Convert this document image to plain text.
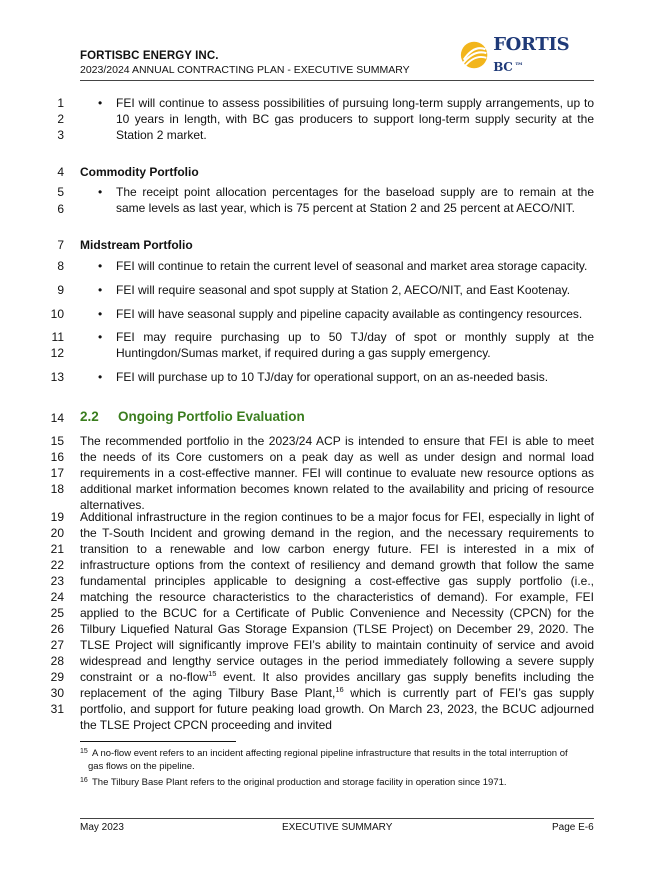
FORTISBC ENERGY INC.
2023/2024 ANNUAL CONTRACTING PLAN - EXECUTIVE SUMMARY
FORTIS BC ™
1
2
3
4
5
6
7
8
9
10
11
12
13
14
15
16
17
18
19
20
21
22
23
24
25
26
27
28
29
30
31
• FEI will continue to assess possibilities of pursuing long-term supply arrangements, up to 10 years in length, with BC gas producers to support long-term supply security at the Station 2 market.
Commodity Portfolio
• The receipt point allocation percentages for the baseload supply are to remain at the same levels as last year, which is 75 percent at Station 2 and 25 percent at AECO/NIT.
Midstream Portfolio
• FEI will continue to retain the current level of seasonal and market area storage capacity.
• FEI will require seasonal and spot supply at Station 2, AECO/NIT, and East Kootenay.
• FEI will have seasonal supply and pipeline capacity available as contingency resources.
• FEI may require purchasing up to 50 TJ/day of spot or monthly supply at the Huntingdon/Sumas market, if required during a gas supply emergency.
• FEI will purchase up to 10 TJ/day for operational support, on an as-needed basis.
2.2 Ongoing Portfolio Evaluation
The recommended portfolio in the 2023/24 ACP is intended to ensure that FEI is able to meet the needs of its Core customers on a peak day as well as under design and normal load requirements in a cost-effective manner. FEI will continue to evaluate new resource options as additional market information becomes known related to the availability and pricing of resource alternatives.
Additional infrastructure in the region continues to be a major focus for FEI, especially in light of the T-South Incident and growing demand in the region, and the necessary requirements to transition to a renewable and low carbon energy future. FEI is interested in a mix of infrastructure options from the context of resiliency and demand growth that follow the same fundamental principles applicable to designing a cost-effective gas supply portfolio (i.e., matching the resource characteristics to the characteristics of demand). For example, FEI applied to the BCUC for a Certificate of Public Convenience and Necessity (CPCN) for the Tilbury Liquefied Natural Gas Storage Expansion (TLSE Project) on December 29, 2020. The TLSE Project will significantly improve FEI’s ability to maintain continuity of service and avoid widespread and lengthy service outages in the period immediately following a severe supply constraint or a no-flow$^{15}$ event. It also provides ancillary gas supply benefits including the replacement of the aging Tilbury Base Plant,$^{16}$ which is currently part of FEI’s gas supply portfolio, and support for future peaking load growth. On March 23, 2023, the BCUC adjourned the TLSE Project CPCN proceeding and invited
15 A no-flow event refers to an incident affecting regional pipeline infrastructure that results in the total interruption of
gas flows on the pipeline.
16 The Tilbury Base Plant refers to the original production and storage facility in operation since 1971.
May 2023	EXECUTIVE SUMMARY	Page E-6
